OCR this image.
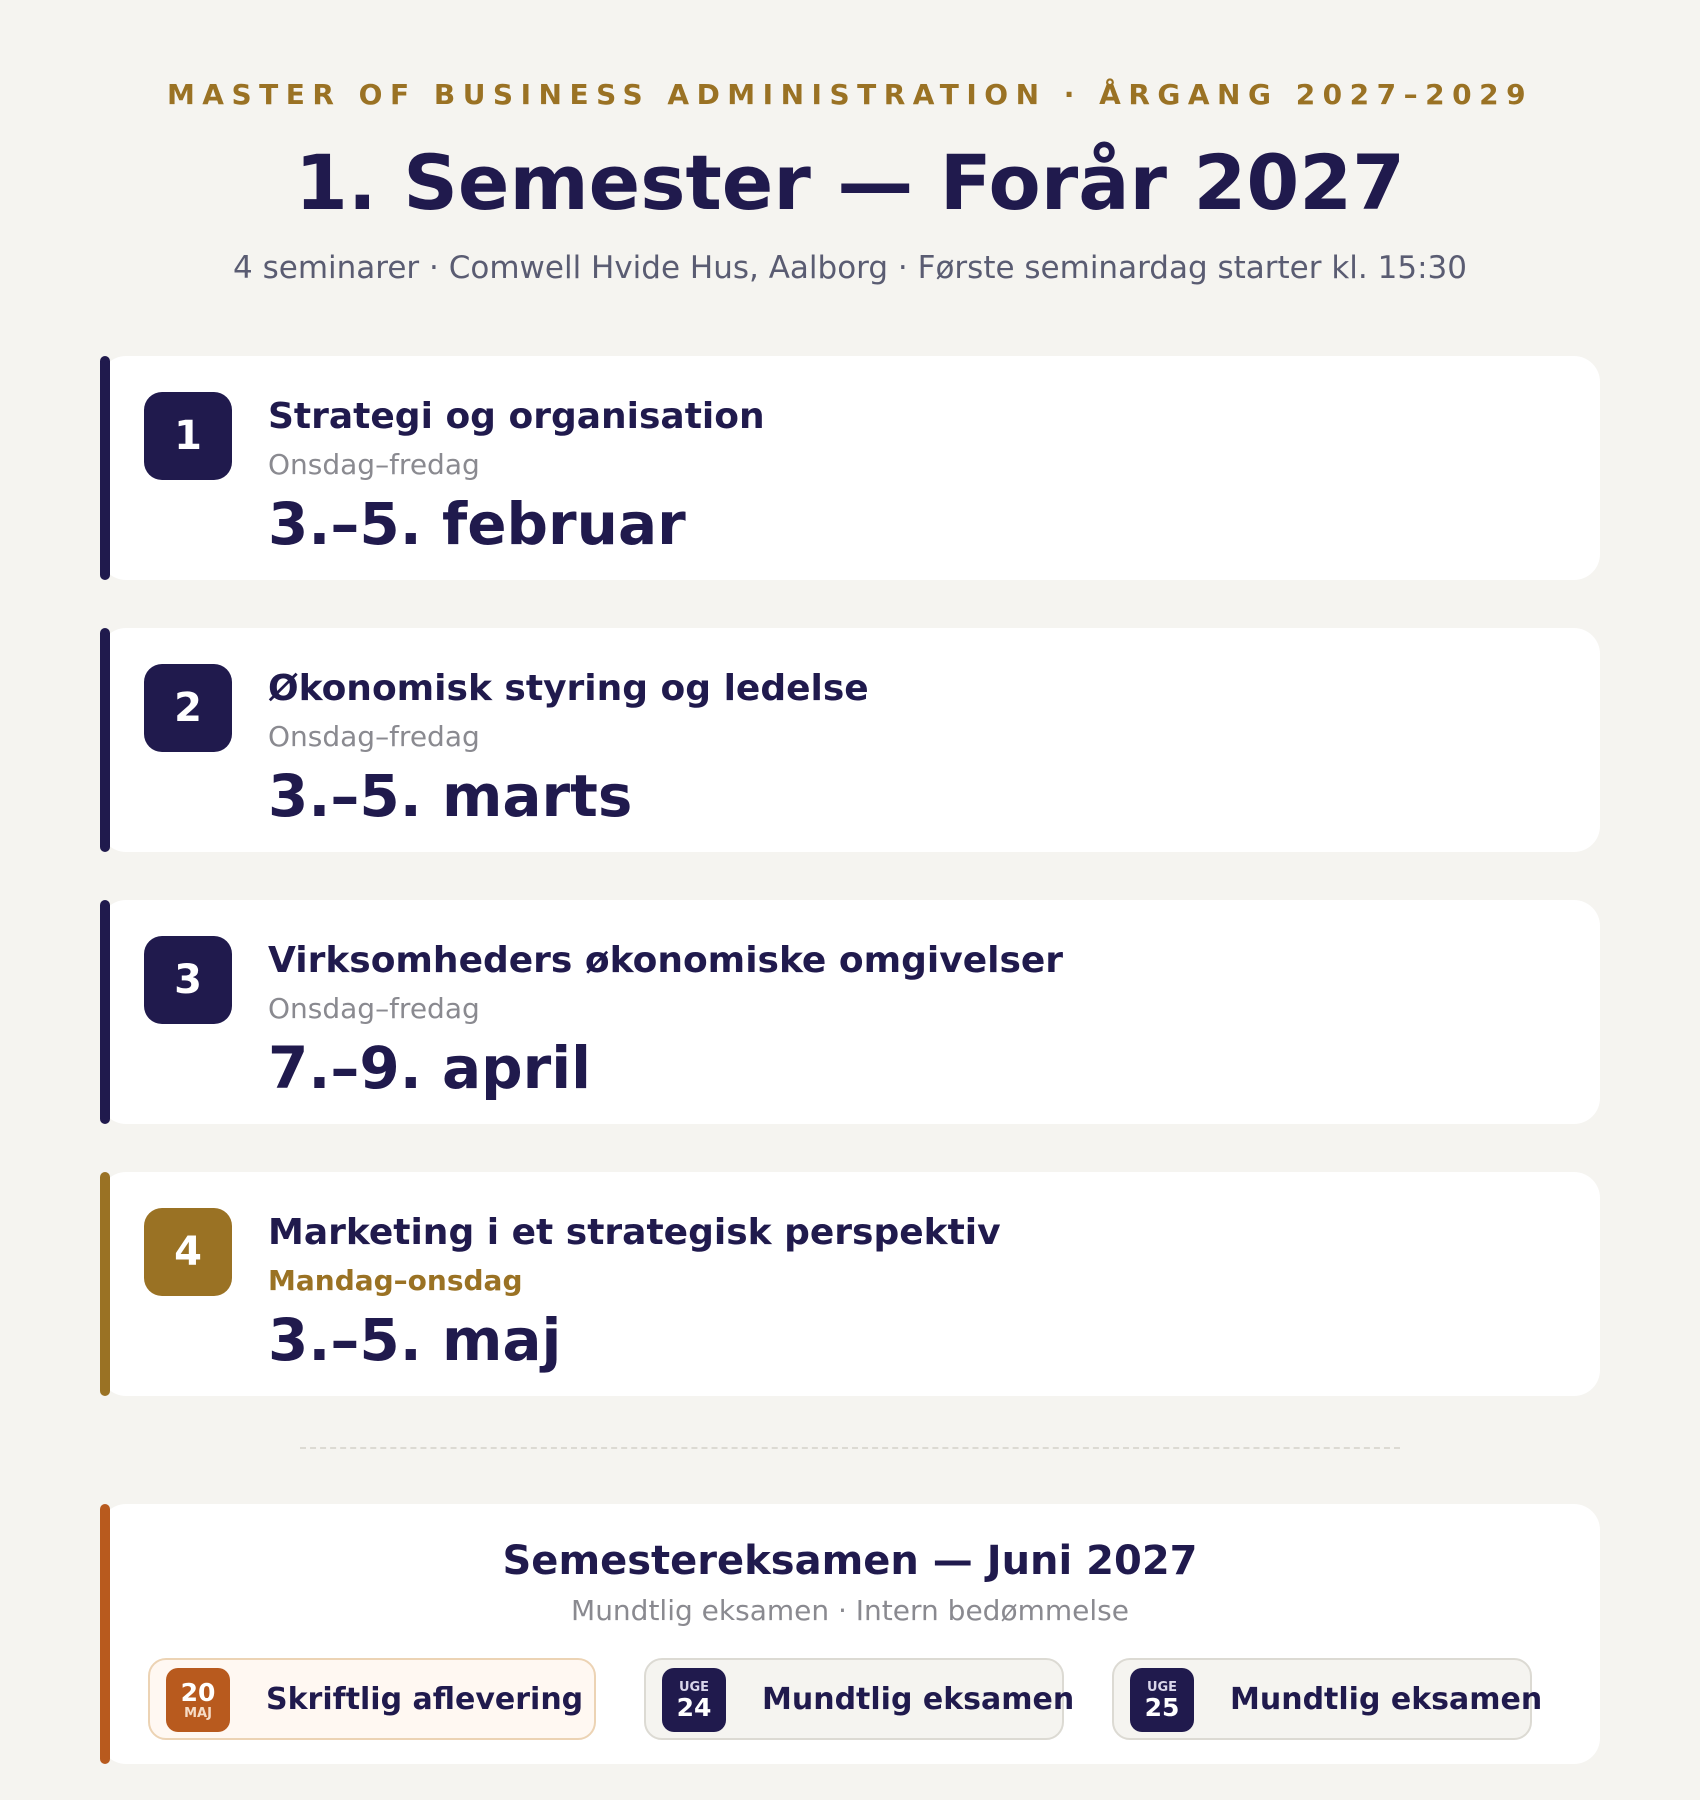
MASTER OF BUSINESS ADMINISTRATION · ÅRGANG 2027–2029
1. Semester — Forår 2027
4 seminarer · Comwell Hvide Hus, Aalborg · Første seminardag starter kl. 15:30
1	Strategi og organisation
Onsdag–fredag
3.–5. februar
2	Økonomisk styring og ledelse
Onsdag–fredag
3.–5. marts
3	Virksomheders økonomiske omgivelser
Onsdag–fredag
7.–9. april
4	Marketing i et strategisk perspektiv
Mandag–onsdag
3.–5. maj
Semestereksamen — Juni 2027
Mundtlig eksamen · Intern bedømmelse
20
MAJ Skriftlig aflevering	UGE
24 Mundtlig eksamen	UGE
25 Mundtlig eksamen
